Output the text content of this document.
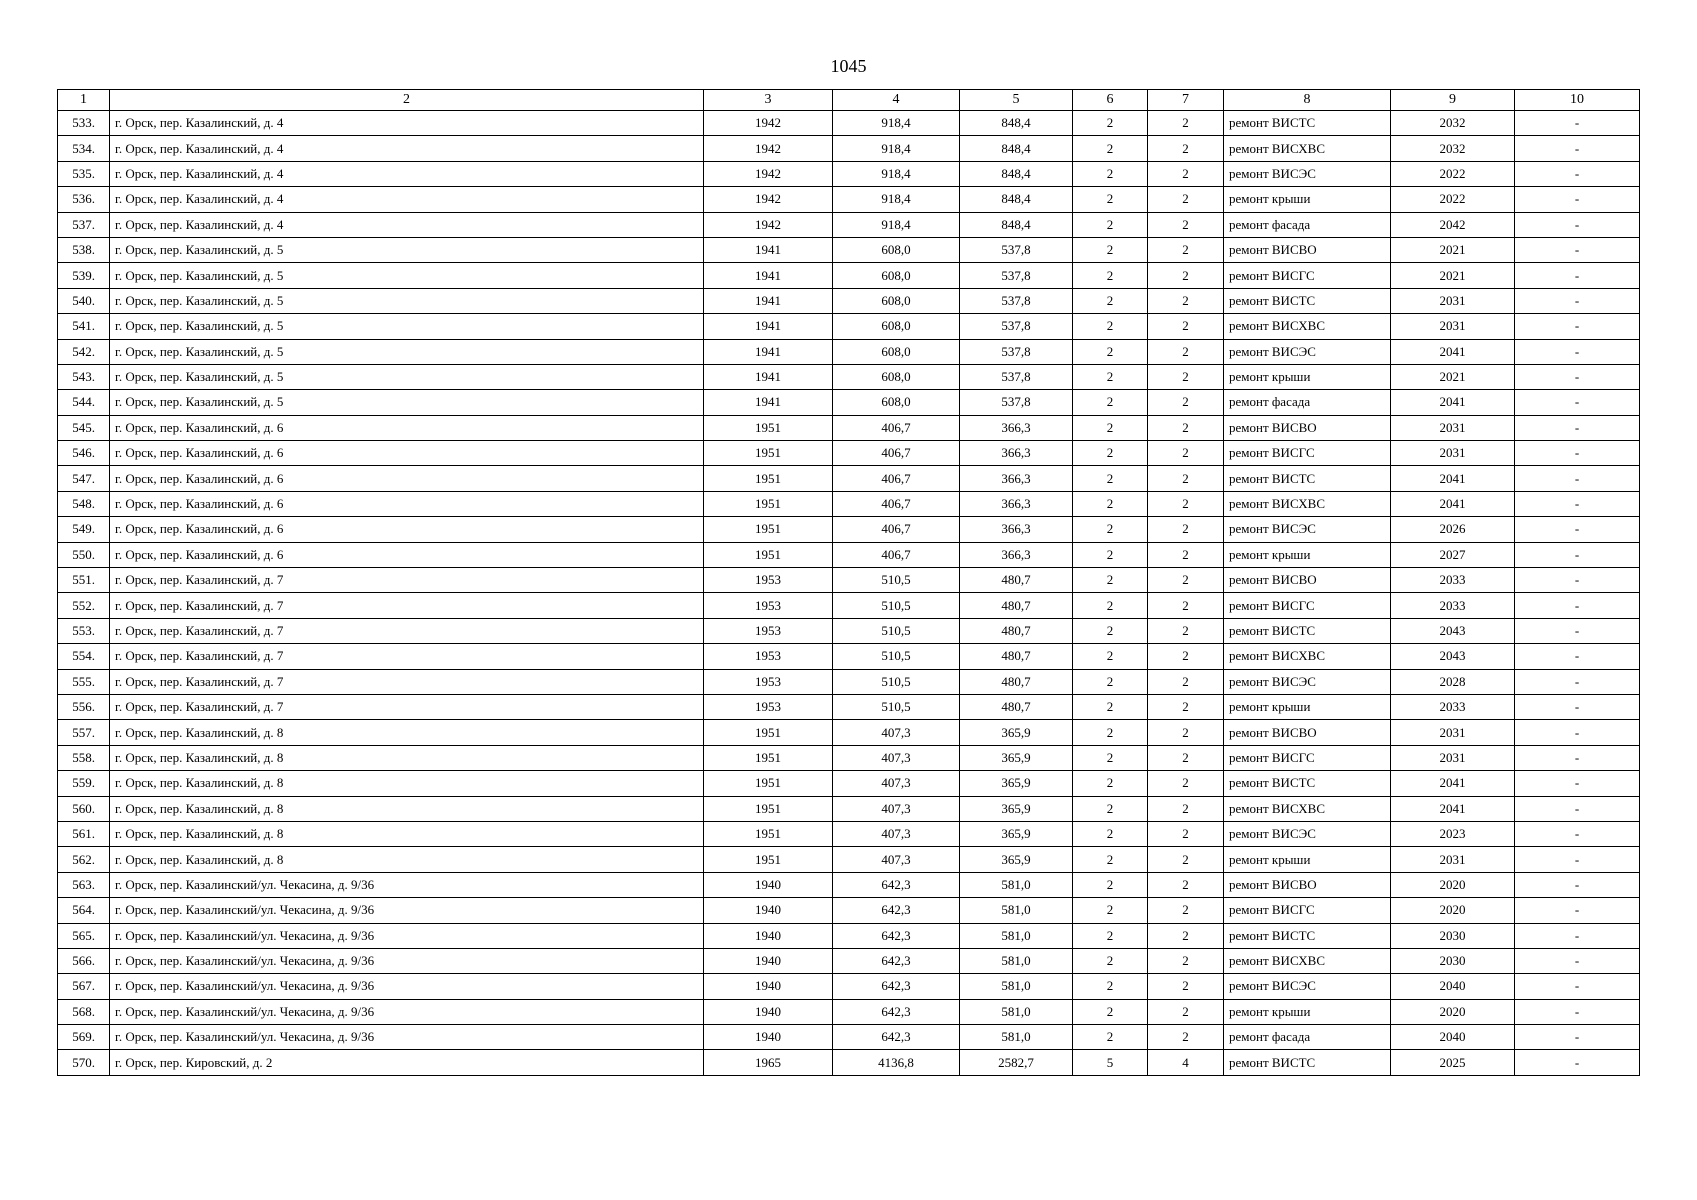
1045
1	2	3	4	5	6	7	8	9	10
533.	г. Орск, пер. Казалинский, д. 4	1942	918,4	848,4	2	2	ремонт ВИСТС	2032	-
534.	г. Орск, пер. Казалинский, д. 4	1942	918,4	848,4	2	2	ремонт ВИСХВС	2032	-
535.	г. Орск, пер. Казалинский, д. 4	1942	918,4	848,4	2	2	ремонт ВИСЭС	2022	-
536.	г. Орск, пер. Казалинский, д. 4	1942	918,4	848,4	2	2	ремонт крыши	2022	-
537.	г. Орск, пер. Казалинский, д. 4	1942	918,4	848,4	2	2	ремонт фасада	2042	-
538.	г. Орск, пер. Казалинский, д. 5	1941	608,0	537,8	2	2	ремонт ВИСВО	2021	-
539.	г. Орск, пер. Казалинский, д. 5	1941	608,0	537,8	2	2	ремонт ВИСГС	2021	-
540.	г. Орск, пер. Казалинский, д. 5	1941	608,0	537,8	2	2	ремонт ВИСТС	2031	-
541.	г. Орск, пер. Казалинский, д. 5	1941	608,0	537,8	2	2	ремонт ВИСХВС	2031	-
542.	г. Орск, пер. Казалинский, д. 5	1941	608,0	537,8	2	2	ремонт ВИСЭС	2041	-
543.	г. Орск, пер. Казалинский, д. 5	1941	608,0	537,8	2	2	ремонт крыши	2021	-
544.	г. Орск, пер. Казалинский, д. 5	1941	608,0	537,8	2	2	ремонт фасада	2041	-
545.	г. Орск, пер. Казалинский, д. 6	1951	406,7	366,3	2	2	ремонт ВИСВО	2031	-
546.	г. Орск, пер. Казалинский, д. 6	1951	406,7	366,3	2	2	ремонт ВИСГС	2031	-
547.	г. Орск, пер. Казалинский, д. 6	1951	406,7	366,3	2	2	ремонт ВИСТС	2041	-
548.	г. Орск, пер. Казалинский, д. 6	1951	406,7	366,3	2	2	ремонт ВИСХВС	2041	-
549.	г. Орск, пер. Казалинский, д. 6	1951	406,7	366,3	2	2	ремонт ВИСЭС	2026	-
550.	г. Орск, пер. Казалинский, д. 6	1951	406,7	366,3	2	2	ремонт крыши	2027	-
551.	г. Орск, пер. Казалинский, д. 7	1953	510,5	480,7	2	2	ремонт ВИСВО	2033	-
552.	г. Орск, пер. Казалинский, д. 7	1953	510,5	480,7	2	2	ремонт ВИСГС	2033	-
553.	г. Орск, пер. Казалинский, д. 7	1953	510,5	480,7	2	2	ремонт ВИСТС	2043	-
554.	г. Орск, пер. Казалинский, д. 7	1953	510,5	480,7	2	2	ремонт ВИСХВС	2043	-
555.	г. Орск, пер. Казалинский, д. 7	1953	510,5	480,7	2	2	ремонт ВИСЭС	2028	-
556.	г. Орск, пер. Казалинский, д. 7	1953	510,5	480,7	2	2	ремонт крыши	2033	-
557.	г. Орск, пер. Казалинский, д. 8	1951	407,3	365,9	2	2	ремонт ВИСВО	2031	-
558.	г. Орск, пер. Казалинский, д. 8	1951	407,3	365,9	2	2	ремонт ВИСГС	2031	-
559.	г. Орск, пер. Казалинский, д. 8	1951	407,3	365,9	2	2	ремонт ВИСТС	2041	-
560.	г. Орск, пер. Казалинский, д. 8	1951	407,3	365,9	2	2	ремонт ВИСХВС	2041	-
561.	г. Орск, пер. Казалинский, д. 8	1951	407,3	365,9	2	2	ремонт ВИСЭС	2023	-
562.	г. Орск, пер. Казалинский, д. 8	1951	407,3	365,9	2	2	ремонт крыши	2031	-
563.	г. Орск, пер. Казалинский/ул. Чекасина, д. 9/36	1940	642,3	581,0	2	2	ремонт ВИСВО	2020	-
564.	г. Орск, пер. Казалинский/ул. Чекасина, д. 9/36	1940	642,3	581,0	2	2	ремонт ВИСГС	2020	-
565.	г. Орск, пер. Казалинский/ул. Чекасина, д. 9/36	1940	642,3	581,0	2	2	ремонт ВИСТС	2030	-
566.	г. Орск, пер. Казалинский/ул. Чекасина, д. 9/36	1940	642,3	581,0	2	2	ремонт ВИСХВС	2030	-
567.	г. Орск, пер. Казалинский/ул. Чекасина, д. 9/36	1940	642,3	581,0	2	2	ремонт ВИСЭС	2040	-
568.	г. Орск, пер. Казалинский/ул. Чекасина, д. 9/36	1940	642,3	581,0	2	2	ремонт крыши	2020	-
569.	г. Орск, пер. Казалинский/ул. Чекасина, д. 9/36	1940	642,3	581,0	2	2	ремонт фасада	2040	-
570.	г. Орск, пер. Кировский, д. 2	1965	4136,8	2582,7	5	4	ремонт ВИСТС	2025	-
